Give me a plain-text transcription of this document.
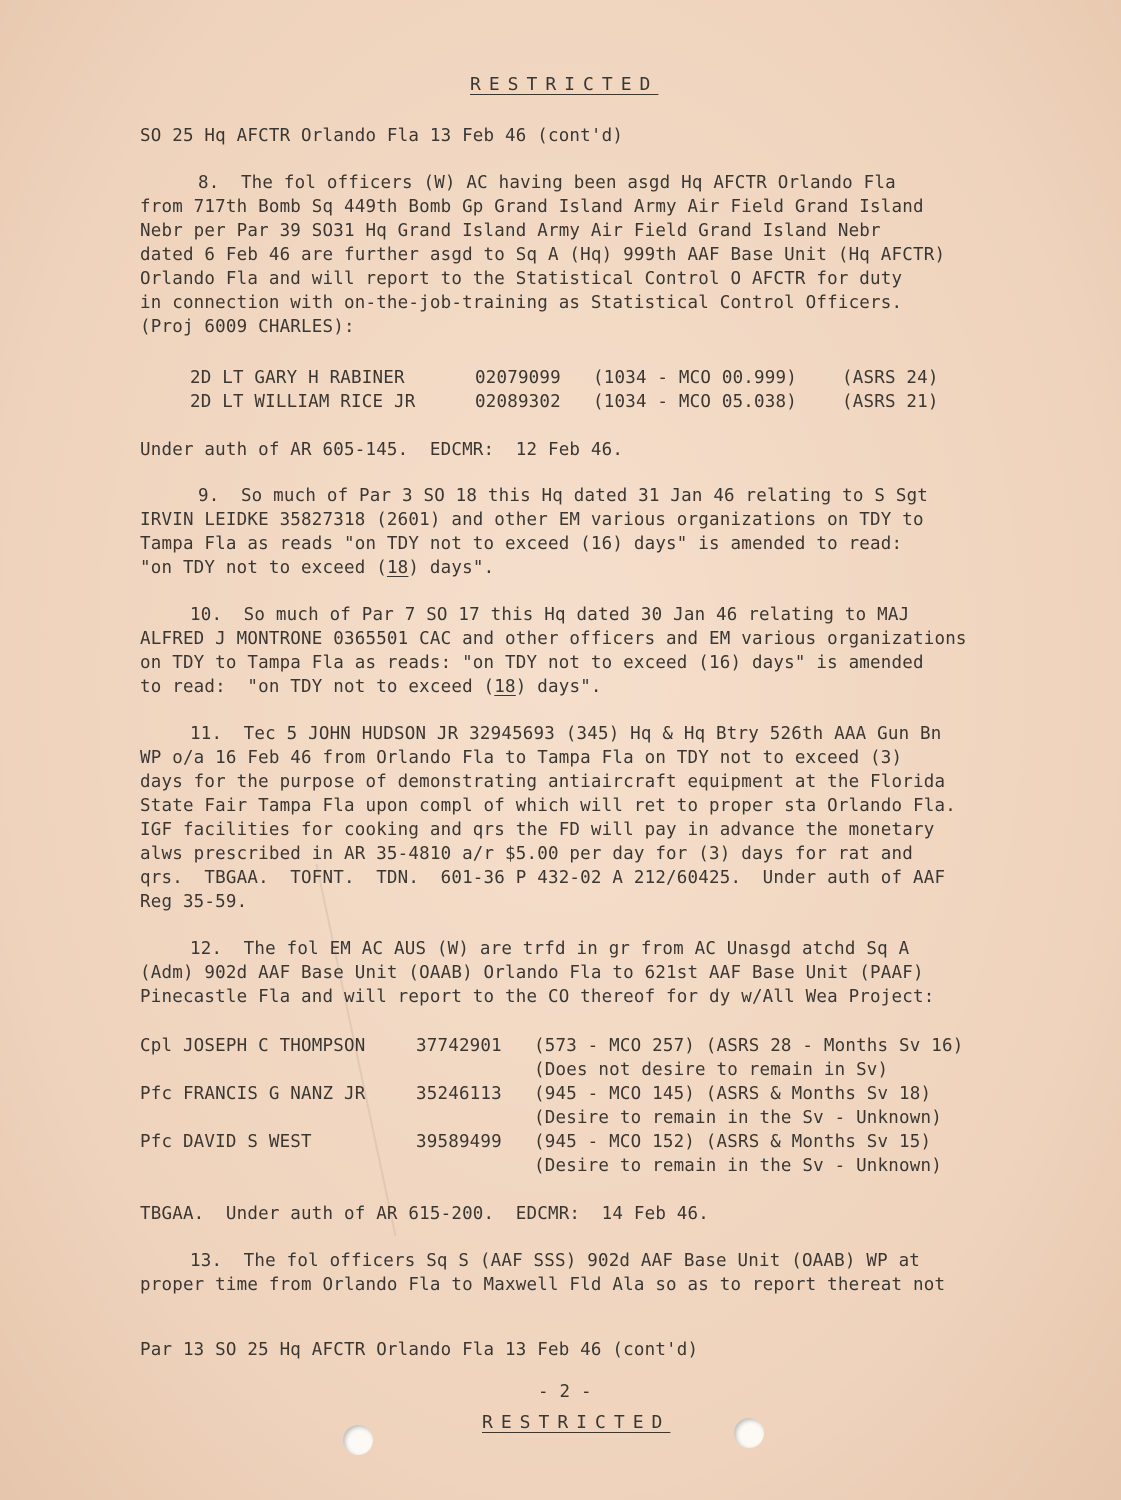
RESTRICTED
SO 25 Hq AFCTR Orlando Fla 13 Feb 46 (cont'd)
8.  The fol officers (W) AC having been asgd Hq AFCTR Orlando Fla
from 717th Bomb Sq 449th Bomb Gp Grand Island Army Air Field Grand Island
Nebr per Par 39 SO31 Hq Grand Island Army Air Field Grand Island Nebr
dated 6 Feb 46 are further asgd to Sq A (Hq) 999th AAF Base Unit (Hq AFCTR)
Orlando Fla and will report to the Statistical Control O AFCTR for duty
in connection with on-the-job-training as Statistical Control Officers.
(Proj 6009 CHARLES):
2D LT GARY H RABINER	02079099 (1034 - MCO 00.999)	(ASRS 24)
2D LT WILLIAM RICE JR	02089302 (1034 - MCO 05.038)	(ASRS 21)
Under auth of AR 605-145.  EDCMR:  12 Feb 46.
9.  So much of Par 3 SO 18 this Hq dated 31 Jan 46 relating to S Sgt
IRVIN LEIDKE 35827318 (2601) and other EM various organizations on TDY to
Tampa Fla as reads "on TDY not to exceed (16) days" is amended to read:
"on TDY not to exceed (18) days".
10.  So much of Par 7 SO 17 this Hq dated 30 Jan 46 relating to MAJ
ALFRED J MONTRONE 0365501 CAC and other officers and EM various organizations
on TDY to Tampa Fla as reads: "on TDY not to exceed (16) days" is amended
to read:  "on TDY not to exceed (18) days".
11.  Tec 5 JOHN HUDSON JR 32945693 (345) Hq & Hq Btry 526th AAA Gun Bn
WP o/a 16 Feb 46 from Orlando Fla to Tampa Fla on TDY not to exceed (3)
days for the purpose of demonstrating antiaircraft equipment at the Florida
State Fair Tampa Fla upon compl of which will ret to proper sta Orlando Fla.
IGF facilities for cooking and qrs the FD will pay in advance the monetary
alws prescribed in AR 35-4810 a/r $5.00 per day for (3) days for rat and
qrs.  TBGAA.  TOFNT.  TDN.  601-36 P 432-02 A 212/60425.  Under auth of AAF
Reg 35-59.
12.  The fol EM AC AUS (W) are trfd in gr from AC Unasgd atchd Sq A
(Adm) 902d AAF Base Unit (OAAB) Orlando Fla to 621st AAF Base Unit (PAAF)
Pinecastle Fla and will report to the CO thereof for dy w/All Wea Project:
Cpl JOSEPH C THOMPSON	37742901 (573 - MCO 257) (ASRS 28 - Months Sv 16)
(Does not desire to remain in Sv)
Pfc FRANCIS G NANZ JR	35246113 (945 - MCO 145) (ASRS & Months Sv 18)
(Desire to remain in the Sv - Unknown)
Pfc DAVID S WEST	39589499 (945 - MCO 152) (ASRS & Months Sv 15)
(Desire to remain in the Sv - Unknown)
TBGAA.  Under auth of AR 615-200.  EDCMR:  14 Feb 46.
13.  The fol officers Sq S (AAF SSS) 902d AAF Base Unit (OAAB) WP at
proper time from Orlando Fla to Maxwell Fld Ala so as to report thereat not
Par 13 SO 25 Hq AFCTR Orlando Fla 13 Feb 46 (cont'd)
- 2 -
RESTRICTED
